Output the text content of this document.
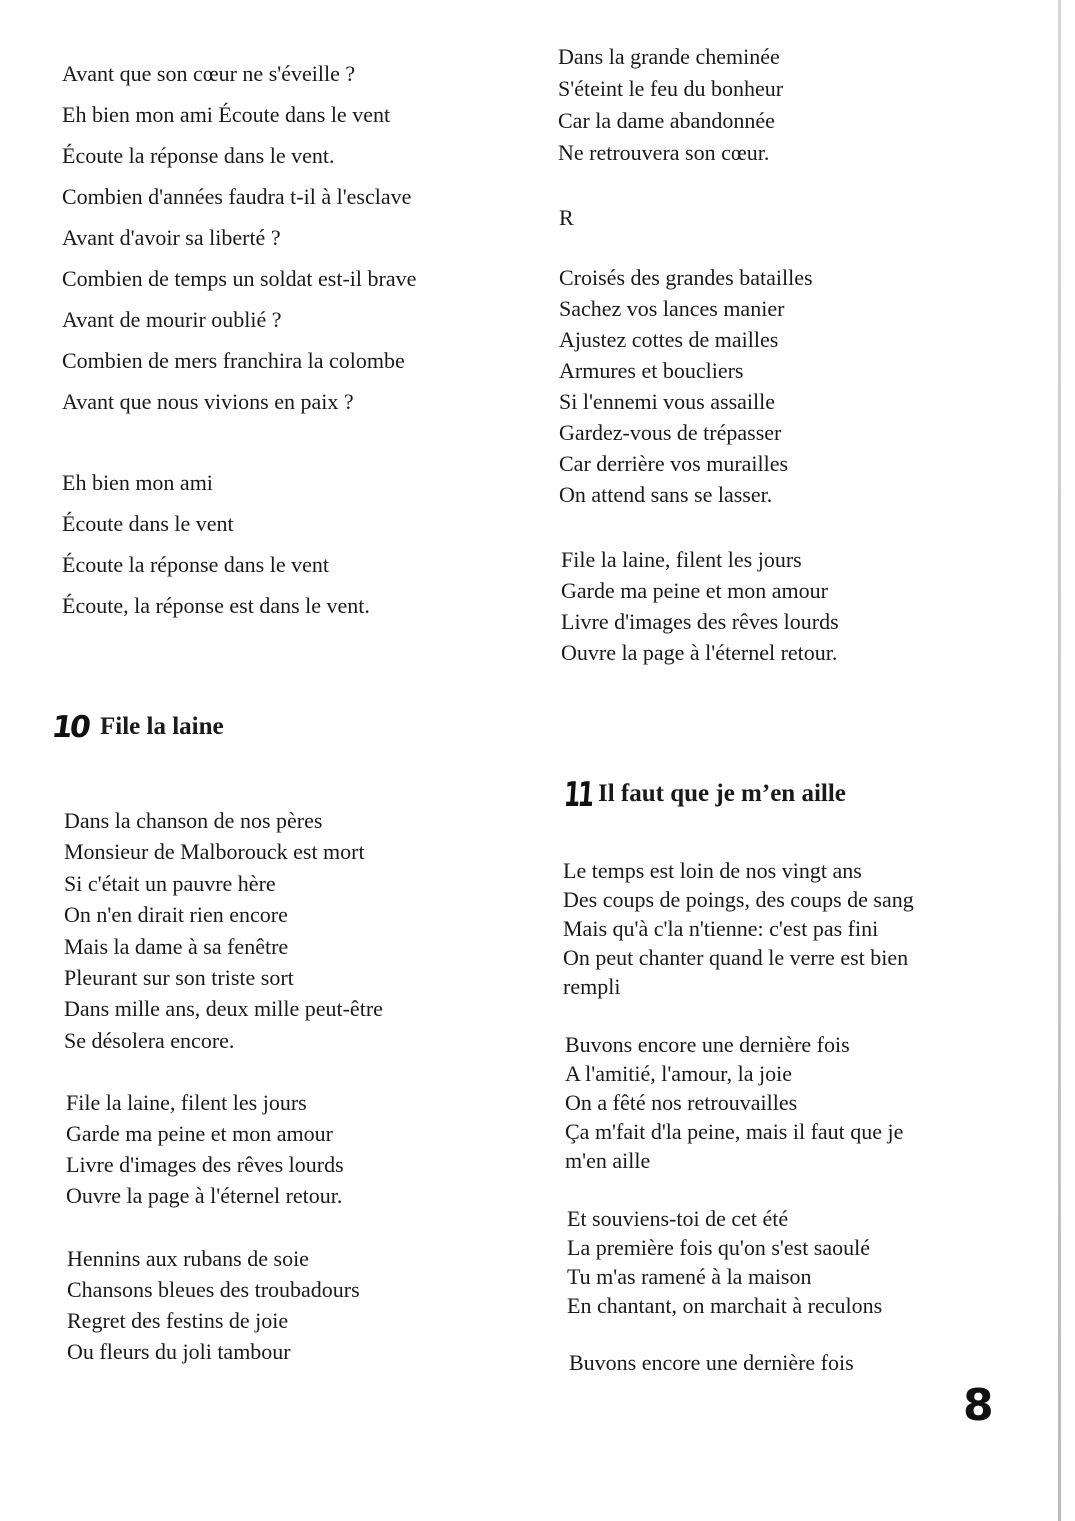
Avant que son cœur ne s'éveille ?
Eh bien mon ami Écoute dans le vent
Écoute la réponse dans le vent.
Combien d'années faudra t-il à l'esclave
Avant d'avoir sa liberté ?
Combien de temps un soldat est-il brave
Avant de mourir oublié ?
Combien de mers franchira la colombe
Avant que nous vivions en paix ?
Eh bien mon ami
Écoute dans le vent
Écoute la réponse dans le vent
Écoute, la réponse est dans le vent.
10 File la laine
Dans la chanson de nos pères
Monsieur de Malborouck est mort
Si c'était un pauvre hère
On n'en dirait rien encore
Mais la dame à sa fenêtre
Pleurant sur son triste sort
Dans mille ans, deux mille peut-être
Se désolera encore.
File la laine, filent les jours
Garde ma peine et mon amour
Livre d'images des rêves lourds
Ouvre la page à l'éternel retour.
Hennins aux rubans de soie
Chansons bleues des troubadours
Regret des festins de joie
Ou fleurs du joli tambour
Dans la grande cheminée
S'éteint le feu du bonheur
Car la dame abandonnée
Ne retrouvera son cœur.
R
Croisés des grandes batailles
Sachez vos lances manier
Ajustez cottes de mailles
Armures et boucliers
Si l'ennemi vous assaille
Gardez-vous de trépasser
Car derrière vos murailles
On attend sans se lasser.
File la laine, filent les jours
Garde ma peine et mon amour
Livre d'images des rêves lourds
Ouvre la page à l'éternel retour.
11 Il faut que je m’en aille
Le temps est loin de nos vingt ans
Des coups de poings, des coups de sang
Mais qu'à c'la n'tienne: c'est pas fini
On peut chanter quand le verre est bien
rempli
Buvons encore une dernière fois
A l'amitié, l'amour, la joie
On a fêté nos retrouvailles
Ça m'fait d'la peine, mais il faut que je
m'en aille
Et souviens-toi de cet été
La première fois qu'on s'est saoulé
Tu m'as ramené à la maison
En chantant, on marchait à reculons
Buvons encore une dernière fois
8
